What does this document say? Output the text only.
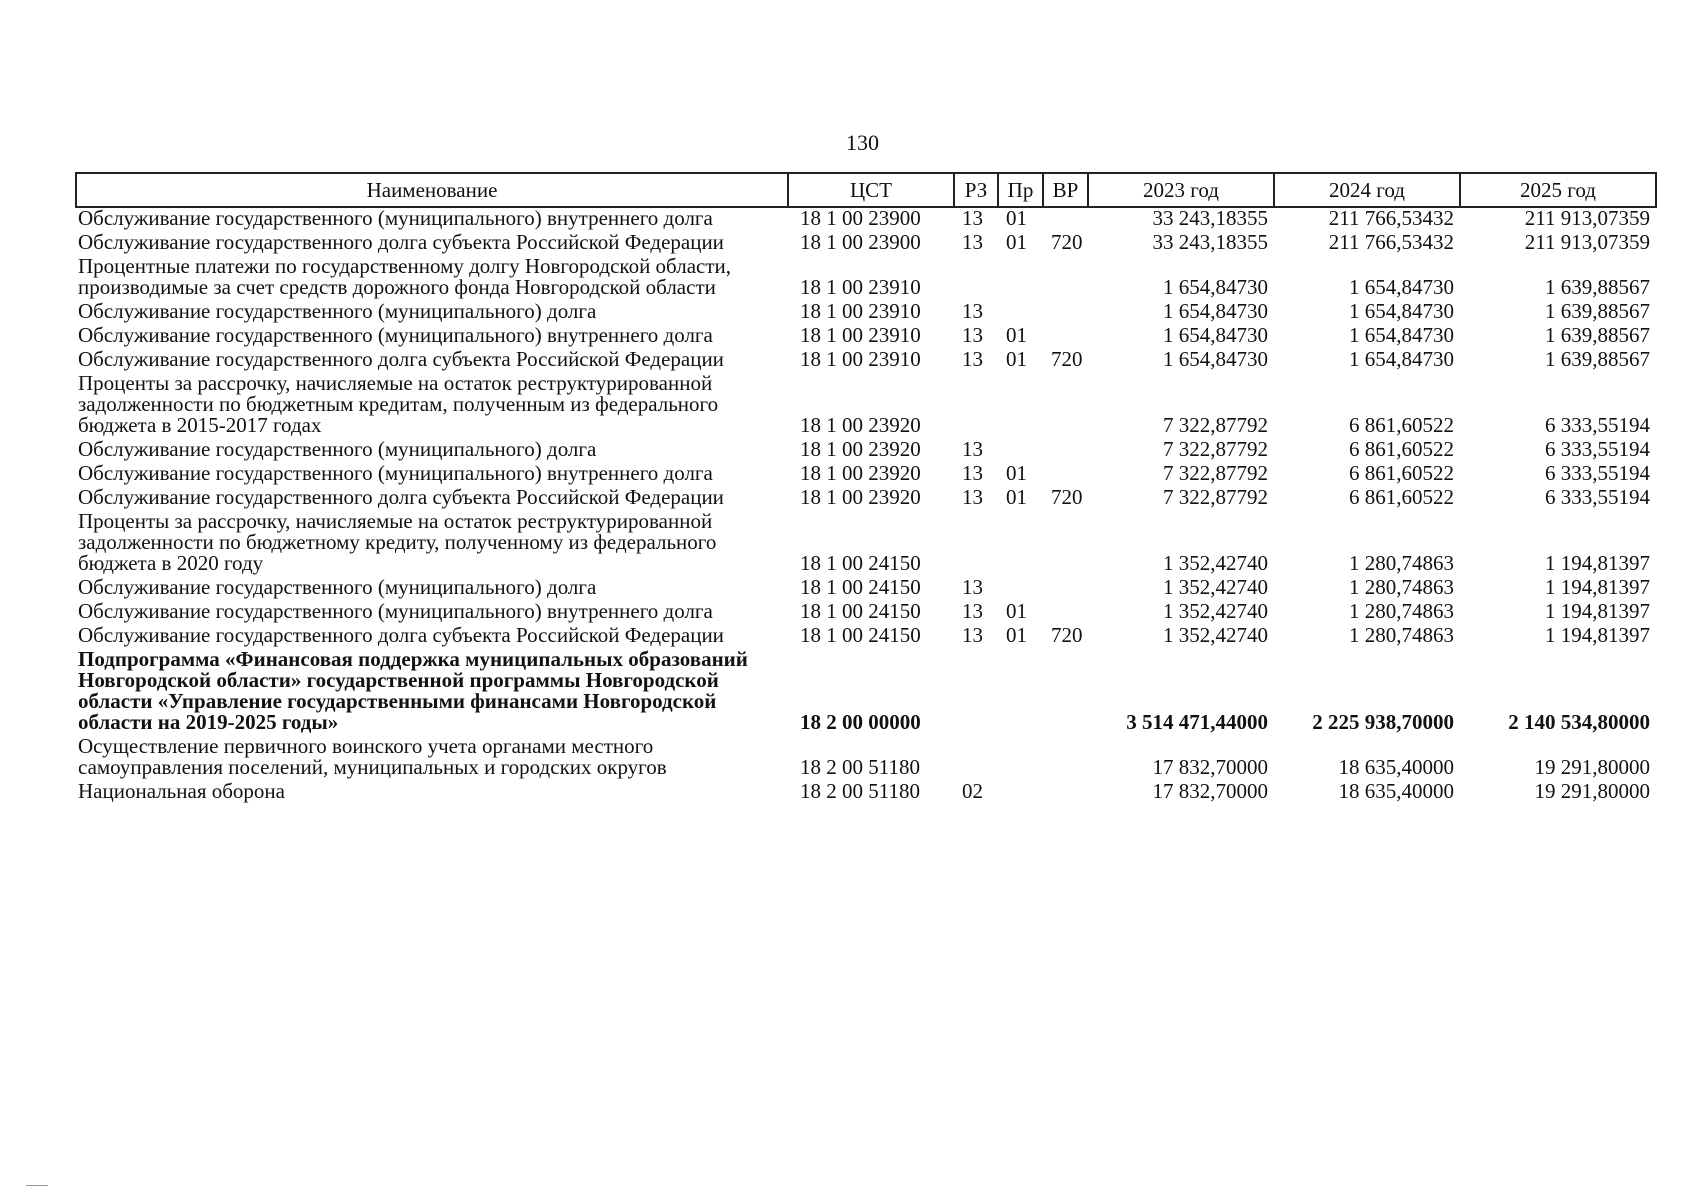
130
Наименование	ЦСТ	РЗ	Пр	ВР	2023 год	2024 год	2025 год
Обслуживание государственного (муниципального) внутреннего долга	18 1 00 23900	13	01		33 243,18355	211 766,53432	211 913,07359
Обслуживание государственного долга субъекта Российской Федерации	18 1 00 23900	13	01	720	33 243,18355	211 766,53432	211 913,07359
Процентные платежи по государственному долгу Новгородской области, производимые за счет средств дорожного фонда Новгородской области	18 1 00 23910				1 654,84730	1 654,84730	1 639,88567
Обслуживание государственного (муниципального) долга	18 1 00 23910	13			1 654,84730	1 654,84730	1 639,88567
Обслуживание государственного (муниципального) внутреннего долга	18 1 00 23910	13	01		1 654,84730	1 654,84730	1 639,88567
Обслуживание государственного долга субъекта Российской Федерации	18 1 00 23910	13	01	720	1 654,84730	1 654,84730	1 639,88567
Проценты за рассрочку, начисляемые на остаток реструктурированной задолженности по бюджетным кредитам, полученным из федерального бюджета в 2015-2017 годах	18 1 00 23920				7 322,87792	6 861,60522	6 333,55194
Обслуживание государственного (муниципального) долга	18 1 00 23920	13			7 322,87792	6 861,60522	6 333,55194
Обслуживание государственного (муниципального) внутреннего долга	18 1 00 23920	13	01		7 322,87792	6 861,60522	6 333,55194
Обслуживание государственного долга субъекта Российской Федерации	18 1 00 23920	13	01	720	7 322,87792	6 861,60522	6 333,55194
Проценты за рассрочку, начисляемые на остаток реструктурированной задолженности по бюджетному кредиту, полученному из федерального бюджета в 2020 году	18 1 00 24150				1 352,42740	1 280,74863	1 194,81397
Обслуживание государственного (муниципального) долга	18 1 00 24150	13			1 352,42740	1 280,74863	1 194,81397
Обслуживание государственного (муниципального) внутреннего долга	18 1 00 24150	13	01		1 352,42740	1 280,74863	1 194,81397
Обслуживание государственного долга субъекта Российской Федерации	18 1 00 24150	13	01	720	1 352,42740	1 280,74863	1 194,81397
Подпрограмма «Финансовая поддержка муниципальных образований Новгородской области» государственной программы Новгородской области «Управление государственными финансами Новгородской области на 2019-2025 годы»	18 2 00 00000				3 514 471,44000	2 225 938,70000	2 140 534,80000
Осуществление первичного воинского учета органами местного самоуправления поселений, муниципальных и городских округов	18 2 00 51180				17 832,70000	18 635,40000	19 291,80000
Национальная оборона	18 2 00 51180	02			17 832,70000	18 635,40000	19 291,80000
